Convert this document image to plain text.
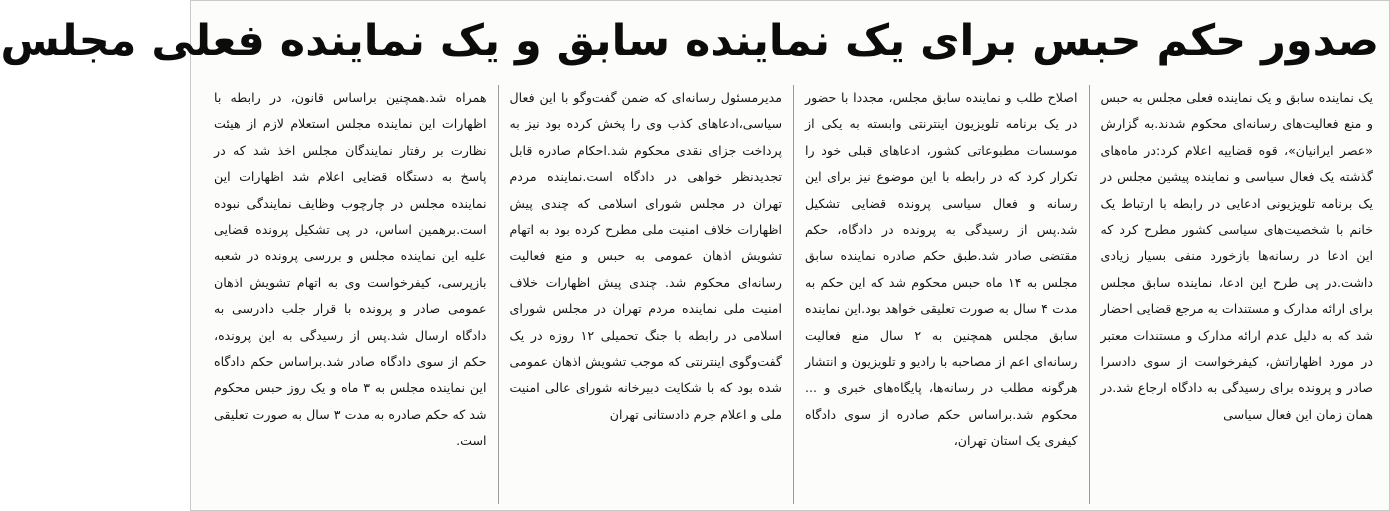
صدور حکم حبس برای یک نماینده سابق و یک نماینده فعلی مجلس
یک نماینده سابق و یک نماینده فعلی مجلس به حبس و منع فعالیت‌های رسانه‌ای محکوم شدند.به گزارش «عصر ایرانیان»، قوه قضاییه اعلام کرد:در ماه‌های گذشته یک فعال سیاسی و نماینده پیشین مجلس در یک برنامه تلویزیونی ادعایی در رابطه با ارتباط یک خانم با شخصیت‌های سیاسی کشور مطرح کرد که این ادعا در رسانه‌ها بازخورد منفی بسیار زیادی داشت.در پی طرح این ادعا، نماینده سابق مجلس برای ارائه مدارک و مستندات به مرجع قضایی احضار شد که به دلیل عدم ارائه مدارک و مستندات معتبر در مورد اظهاراتش، کیفرخواست از سوی دادسرا صادر و پرونده برای رسیدگی به دادگاه ارجاع شد.در همان زمان این فعال سیاسی
اصلاح طلب و نماینده سابق مجلس، مجددا با حضور در یک برنامه تلویزیون اینترنتی وابسته به یکی از موسسات مطبوعاتی کشور، ادعاهای قبلی خود را تکرار کرد که در رابطه با این موضوع نیز برای این رسانه و فعال سیاسی پرونده قضایی تشکیل شد.پس از رسیدگی به پرونده در دادگاه، حکم مقتضی صادر شد.طبق حکم صادره نماینده سابق مجلس به ۱۴ ماه حبس محکوم شد که این حکم به مدت ۴ سال به صورت تعلیقی خواهد بود.این نماینده سابق مجلس همچنین به ۲ سال منع فعالیت رسانه‌ای اعم از مصاحبه با رادیو و تلویزیون و انتشار هرگونه مطلب در رسانه‌ها، پایگاه‌های خبری و ... محکوم شد.براساس حکم صادره از سوی دادگاه کیفری یک استان تهران،
مدیرمسئول رسانه‌ای که ضمن گفت‌وگو با این فعال سیاسی،ادعاهای کذب وی را پخش کرده بود نیز به پرداخت جزای نقدی محکوم شد.احکام صادره قابل تجدیدنظر خواهی در دادگاه است.نماینده مردم تهران در مجلس شورای اسلامی که چندی پیش اظهارات خلاف امنیت ملی مطرح کرده بود به اتهام تشویش اذهان عمومی به حبس و منع فعالیت رسانه‌ای محکوم شد. چندی پیش اظهارات خلاف امنیت ملی نماینده مردم تهران در مجلس شورای اسلامی در رابطه با جنگ تحمیلی ۱۲ روزه در یک گفت‌وگوی اینترنتی که موجب تشویش اذهان عمومی شده بود که با شکایت دبیرخانه شورای عالی امنیت ملی و اعلام جرم دادستانی تهران
همراه شد.همچنین براساس قانون، در رابطه با اظهارات این نماینده مجلس استعلام لازم از هیئت نظارت بر رفتار نمایندگان مجلس اخذ شد که در پاسخ به دستگاه قضایی اعلام شد اظهارات این نماینده مجلس در چارچوب وظایف نمایندگی نبوده است.برهمین اساس، در پی تشکیل پرونده قضایی علیه این نماینده مجلس و بررسی پرونده در شعبه بازپرسی، کیفرخواست وی به اتهام تشویش اذهان عمومی صادر و پرونده با قرار جلب دادرسی به دادگاه ارسال شد.پس از رسیدگی به این پرونده، حکم از سوی دادگاه صادر شد.براساس حکم دادگاه این نماینده مجلس به ۳ ماه و یک روز حبس محکوم شد که حکم صادره به مدت ۳ سال به صورت تعلیقی است.
